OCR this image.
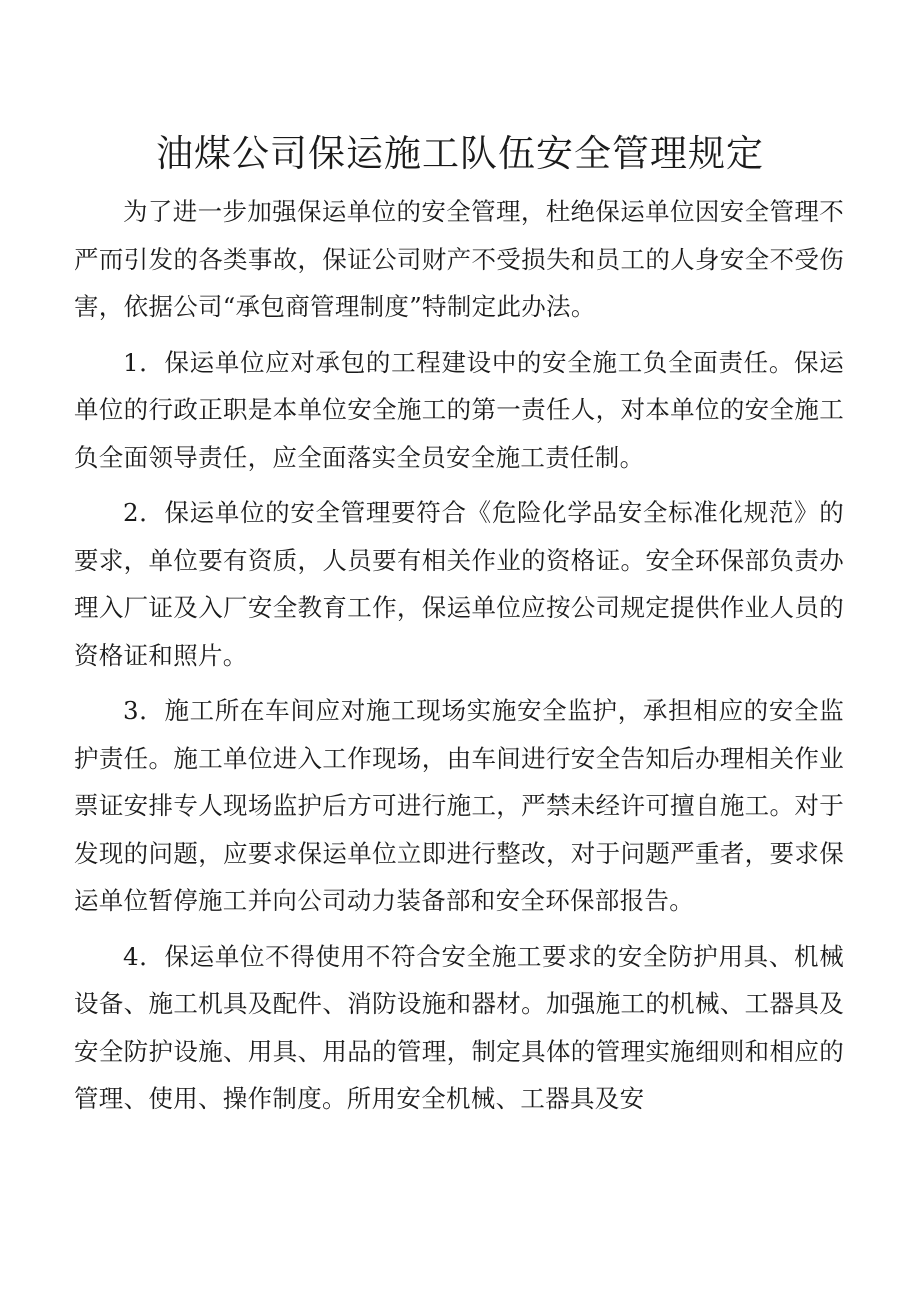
油煤公司保运施工队伍安全管理规定

为了进一步加强保运单位的安全管理，杜绝保运单位因安全管理不严而引发的各类事故，保证公司财产不受损失和员工的人身安全不受伤害，依据公司“承包商管理制度”特制定此办法。

1．保运单位应对承包的工程建设中的安全施工负全面责任。保运单位的行政正职是本单位安全施工的第一责任人，对本单位的安全施工负全面领导责任，应全面落实全员安全施工责任制。

2．保运单位的安全管理要符合《危险化学品安全标准化规范》的要求，单位要有资质，人员要有相关作业的资格证。安全环保部负责办理入厂证及入厂安全教育工作，保运单位应按公司规定提供作业人员的资格证和照片。

3．施工所在车间应对施工现场实施安全监护，承担相应的安全监护责任。施工单位进入工作现场，由车间进行安全告知后办理相关作业票证安排专人现场监护后方可进行施工，严禁未经许可擅自施工。对于发现的问题，应要求保运单位立即进行整改，对于问题严重者，要求保运单位暂停施工并向公司动力装备部和安全环保部报告。

4．保运单位不得使用不符合安全施工要求的安全防护用具、机械设备、施工机具及配件、消防设施和器材。加强施工的机械、工器具及安全防护设施、用具、用品的管理，制定具体的管理实施细则和相应的管理、使用、操作制度。所用安全机械、工器具及安
